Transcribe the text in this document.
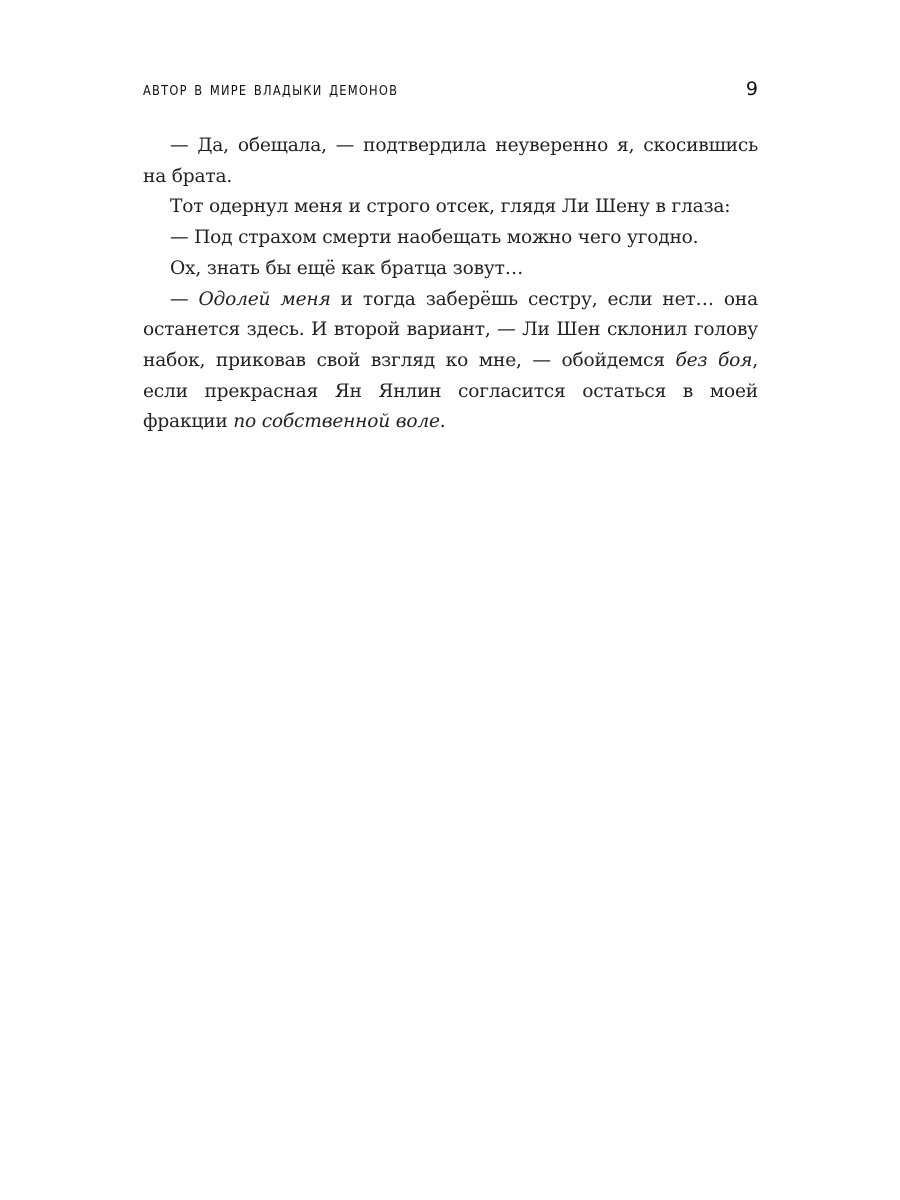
автор в мире владыки демонов	9

— Да, обещала, — подтвердила неуверенно я, скосившись на брата.

Тот одернул меня и строго отсек, глядя Ли Шену в глаза:

— Под страхом смерти наобещать можно чего угодно.

Ох, знать бы ещё как братца зовут…

— Одолей меня и тогда заберёшь сестру, если нет… она останется здесь. И второй вариант, — Ли Шен склонил голову набок, приковав свой взгляд ко мне, — обойдемся без боя, если прекрасная Ян Янлин согласится остаться в моей фракции по собственной воле.
